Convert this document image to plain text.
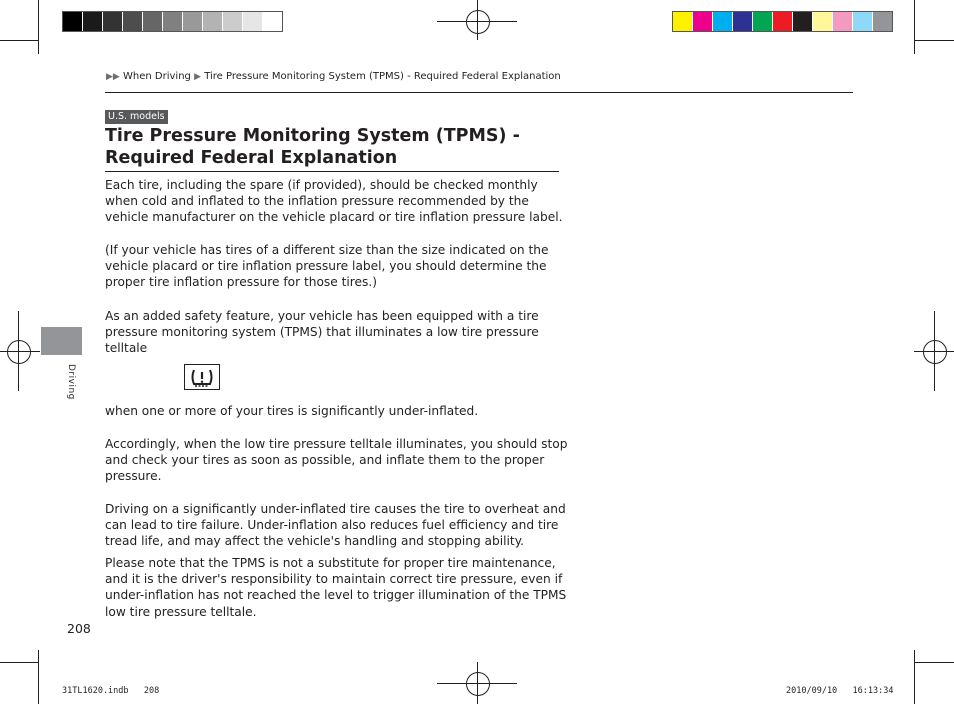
▶▶ When Driving ▶ Tire Pressure Monitoring System (TPMS) - Required Federal Explanation
U.S. models
Tire Pressure Monitoring System (TPMS) - Required Federal Explanation
Each tire, including the spare (if provided), should be checked monthly when cold and inflated to the inflation pressure recommended by the vehicle manufacturer on the vehicle placard or tire inflation pressure label.
(If your vehicle has tires of a different size than the size indicated on the vehicle placard or tire inflation pressure label, you should determine the proper tire inflation pressure for those tires.)
As an added safety feature, your vehicle has been equipped with a tire pressure monitoring system (TPMS) that illuminates a low tire pressure telltale
when one or more of your tires is significantly under-inflated.
Accordingly, when the low tire pressure telltale illuminates, you should stop and check your tires as soon as possible, and inflate them to the proper pressure.
Driving on a significantly under-inflated tire causes the tire to overheat and can lead to tire failure. Under-inflation also reduces fuel efficiency and tire tread life, and may affect the vehicle's handling and stopping ability.
Please note that the TPMS is not a substitute for proper tire maintenance, and it is the driver's responsibility to maintain correct tire pressure, even if under-inflation has not reached the level to trigger illumination of the TPMS low tire pressure telltale.
Driving
208
31TL1620.indb   208	2010/09/10   16:13:34
